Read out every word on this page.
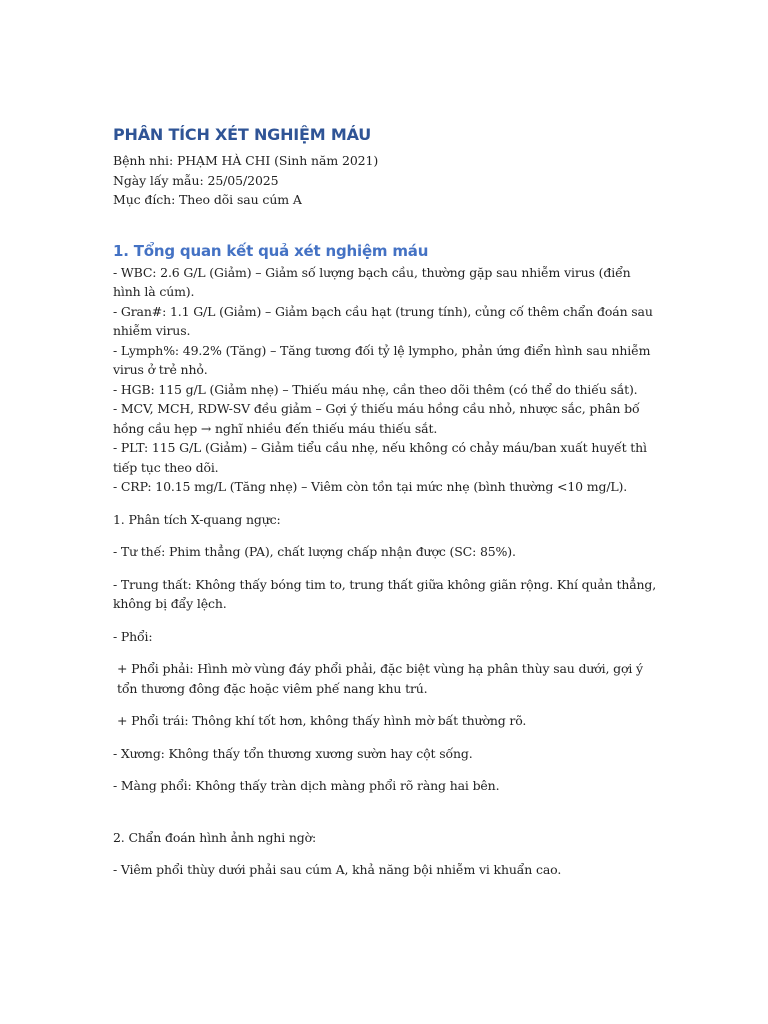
PHÂN TÍCH XÉT NGHIỆM MÁU

Bệnh nhi: PHẠM HÀ CHI (Sinh năm 2021)

Ngày lấy mẫu: 25/05/2025

Mục đích: Theo dõi sau cúm A

1. Tổng quan kết quả xét nghiệm máu

- WBC: 2.6 G/L (Giảm) – Giảm số lượng bạch cầu, thường gặp sau nhiễm virus (điển hình là cúm).

- Gran#: 1.1 G/L (Giảm) – Giảm bạch cầu hạt (trung tính), củng cố thêm chẩn đoán sau nhiễm virus.

- Lymph%: 49.2% (Tăng) – Tăng tương đối tỷ lệ lympho, phản ứng điển hình sau nhiễm virus ở trẻ nhỏ.

- HGB: 115 g/L (Giảm nhẹ) – Thiếu máu nhẹ, cần theo dõi thêm (có thể do thiếu sắt).

- MCV, MCH, RDW-SV đều giảm – Gợi ý thiếu máu hồng cầu nhỏ, nhược sắc, phân bố hồng cầu hẹp → nghĩ nhiều đến thiếu máu thiếu sắt.

- PLT: 115 G/L (Giảm) – Giảm tiểu cầu nhẹ, nếu không có chảy máu/ban xuất huyết thì tiếp tục theo dõi.

- CRP: 10.15 mg/L (Tăng nhẹ) – Viêm còn tồn tại mức nhẹ (bình thường <10 mg/L).

1. Phân tích X-quang ngực:

- Tư thế: Phim thẳng (PA), chất lượng chấp nhận được (SC: 85%).

- Trung thất: Không thấy bóng tim to, trung thất giữa không giãn rộng. Khí quản thẳng, không bị đẩy lệch.

- Phổi:

+ Phổi phải: Hình mờ vùng đáy phổi phải, đặc biệt vùng hạ phân thùy sau dưới, gợi ý tổn thương đông đặc hoặc viêm phế nang khu trú.

+ Phổi trái: Thông khí tốt hơn, không thấy hình mờ bất thường rõ.

- Xương: Không thấy tổn thương xương sườn hay cột sống.

- Màng phổi: Không thấy tràn dịch màng phổi rõ ràng hai bên.

2. Chẩn đoán hình ảnh nghi ngờ:

- Viêm phổi thùy dưới phải sau cúm A, khả năng bội nhiễm vi khuẩn cao.
